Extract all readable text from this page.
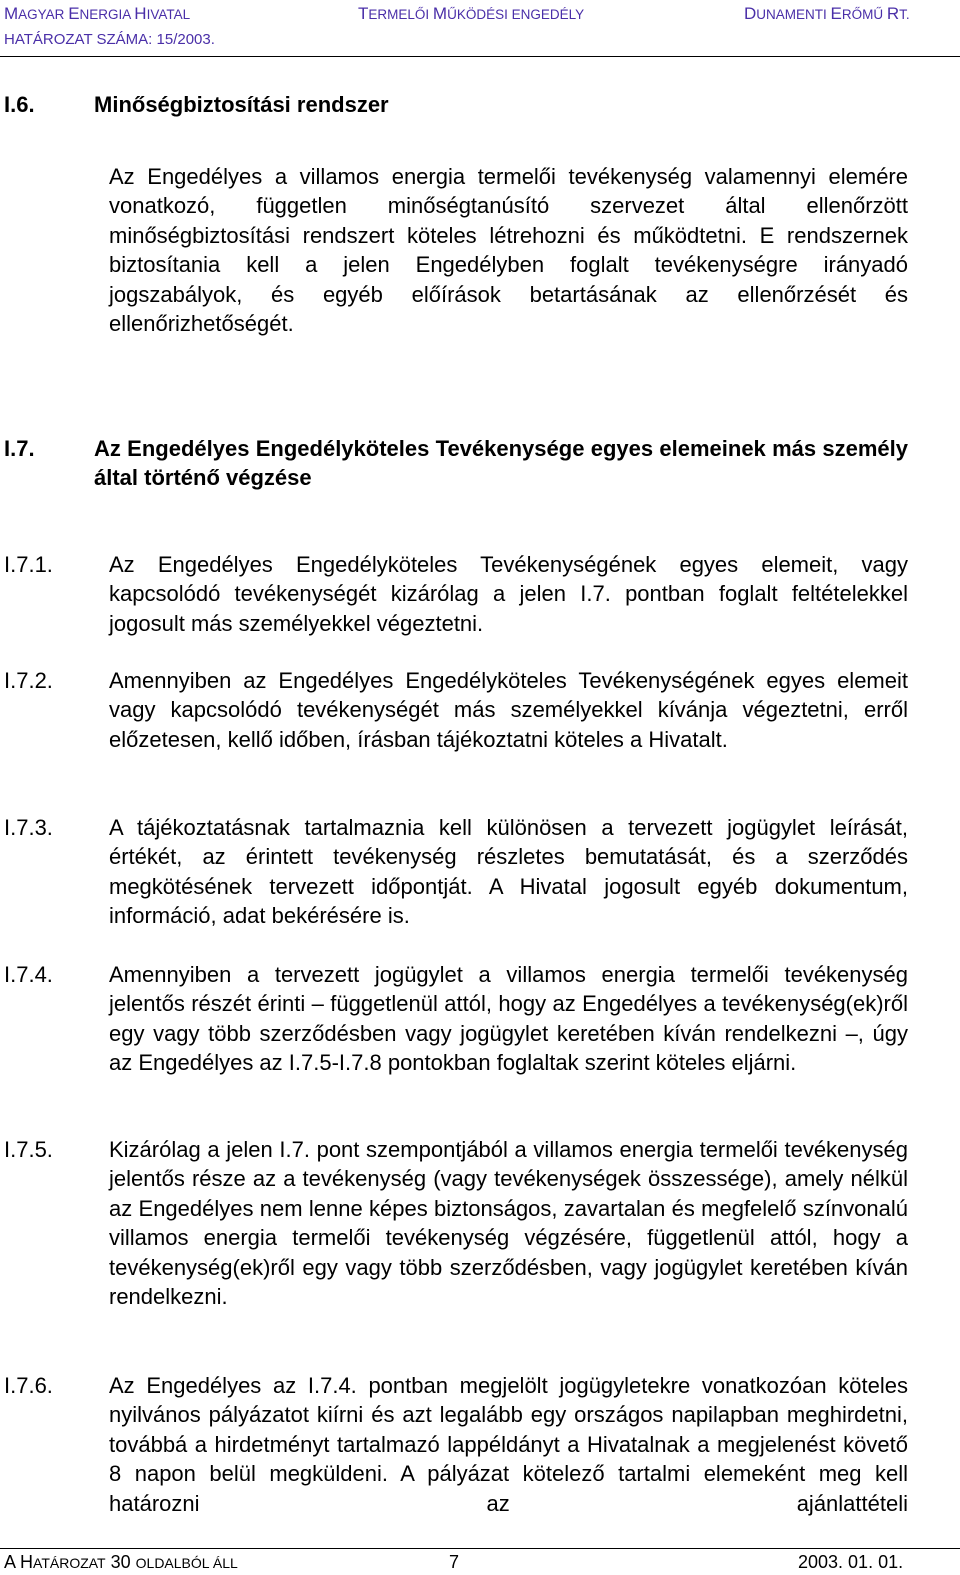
MAGYAR ENERGIA HIVATAL	TERMELŐI MŰKÖDÉSI ENGEDÉLY	DUNAMENTI ERŐMŰ RT.
HATÁROZAT SZÁMA: 15/2003.
I.6.	Minőségbiztosítási rendszer
Az Engedélyes a villamos energia termelői tevékenység valamennyi elemére vonatkozó, független minőségtanúsító szervezet által ellenőrzött minőségbiztosítási rendszert köteles létrehozni és működtetni. E rendszernek biztosítania kell a jelen Engedélyben foglalt tevékenységre irányadó jogszabályok, és egyéb előírások betartásának az ellenőrzését és ellenőrizhetőségét.
I.7.	Az Engedélyes Engedélyköteles Tevékenysége egyes elemeinek más személy által történő végzése
I.7.1.	Az Engedélyes Engedélyköteles Tevékenységének egyes elemeit, vagy kapcsolódó tevékenységét kizárólag a jelen I.7. pontban foglalt feltételekkel jogosult más személyekkel végeztetni.
I.7.2.	Amennyiben az Engedélyes Engedélyköteles Tevékenységének egyes elemeit vagy kapcsolódó tevékenységét más személyekkel kívánja végeztetni, erről előzetesen, kellő időben, írásban tájékoztatni köteles a Hivatalt.
I.7.3.	A tájékoztatásnak tartalmaznia kell különösen a tervezett jogügylet leírását, értékét, az érintett tevékenység részletes bemutatását, és a szerződés megkötésének tervezett időpontját. A Hivatal jogosult egyéb dokumentum, információ, adat bekérésére is.
I.7.4.	Amennyiben a tervezett jogügylet a villamos energia termelői tevékenység jelentős részét érinti – függetlenül attól, hogy az Engedélyes a tevékenység(ek)ről egy vagy több szerződésben vagy jogügylet keretében kíván rendelkezni –, úgy az Engedélyes az I.7.5-I.7.8 pontokban foglaltak szerint köteles eljárni.
I.7.5.	Kizárólag a jelen I.7. pont szempontjából a villamos energia termelői tevékenység jelentős része az a tevékenység (vagy tevékenységek összessége), amely nélkül az Engedélyes nem lenne képes biztonságos, zavartalan és megfelelő színvonalú villamos energia termelői tevékenység végzésére, függetlenül attól, hogy a tevékenység(ek)ről egy vagy több szerződésben, vagy jogügylet keretében kíván rendelkezni.
I.7.6.	Az Engedélyes az I.7.4. pontban megjelölt jogügyletekre vonatkozóan köteles nyilvános pályázatot kiírni és azt legalább egy országos napilapban meghirdetni, továbbá a hirdetményt tartalmazó lappéldányt a Hivatalnak a megjelenést követő 8 napon belül megküldeni. A pályázat kötelező tartalmi elemeként meg kell határozni az ajánlattételi
A HATÁROZAT 30 OLDALBÓL ÁLL	7	2003. 01. 01.
